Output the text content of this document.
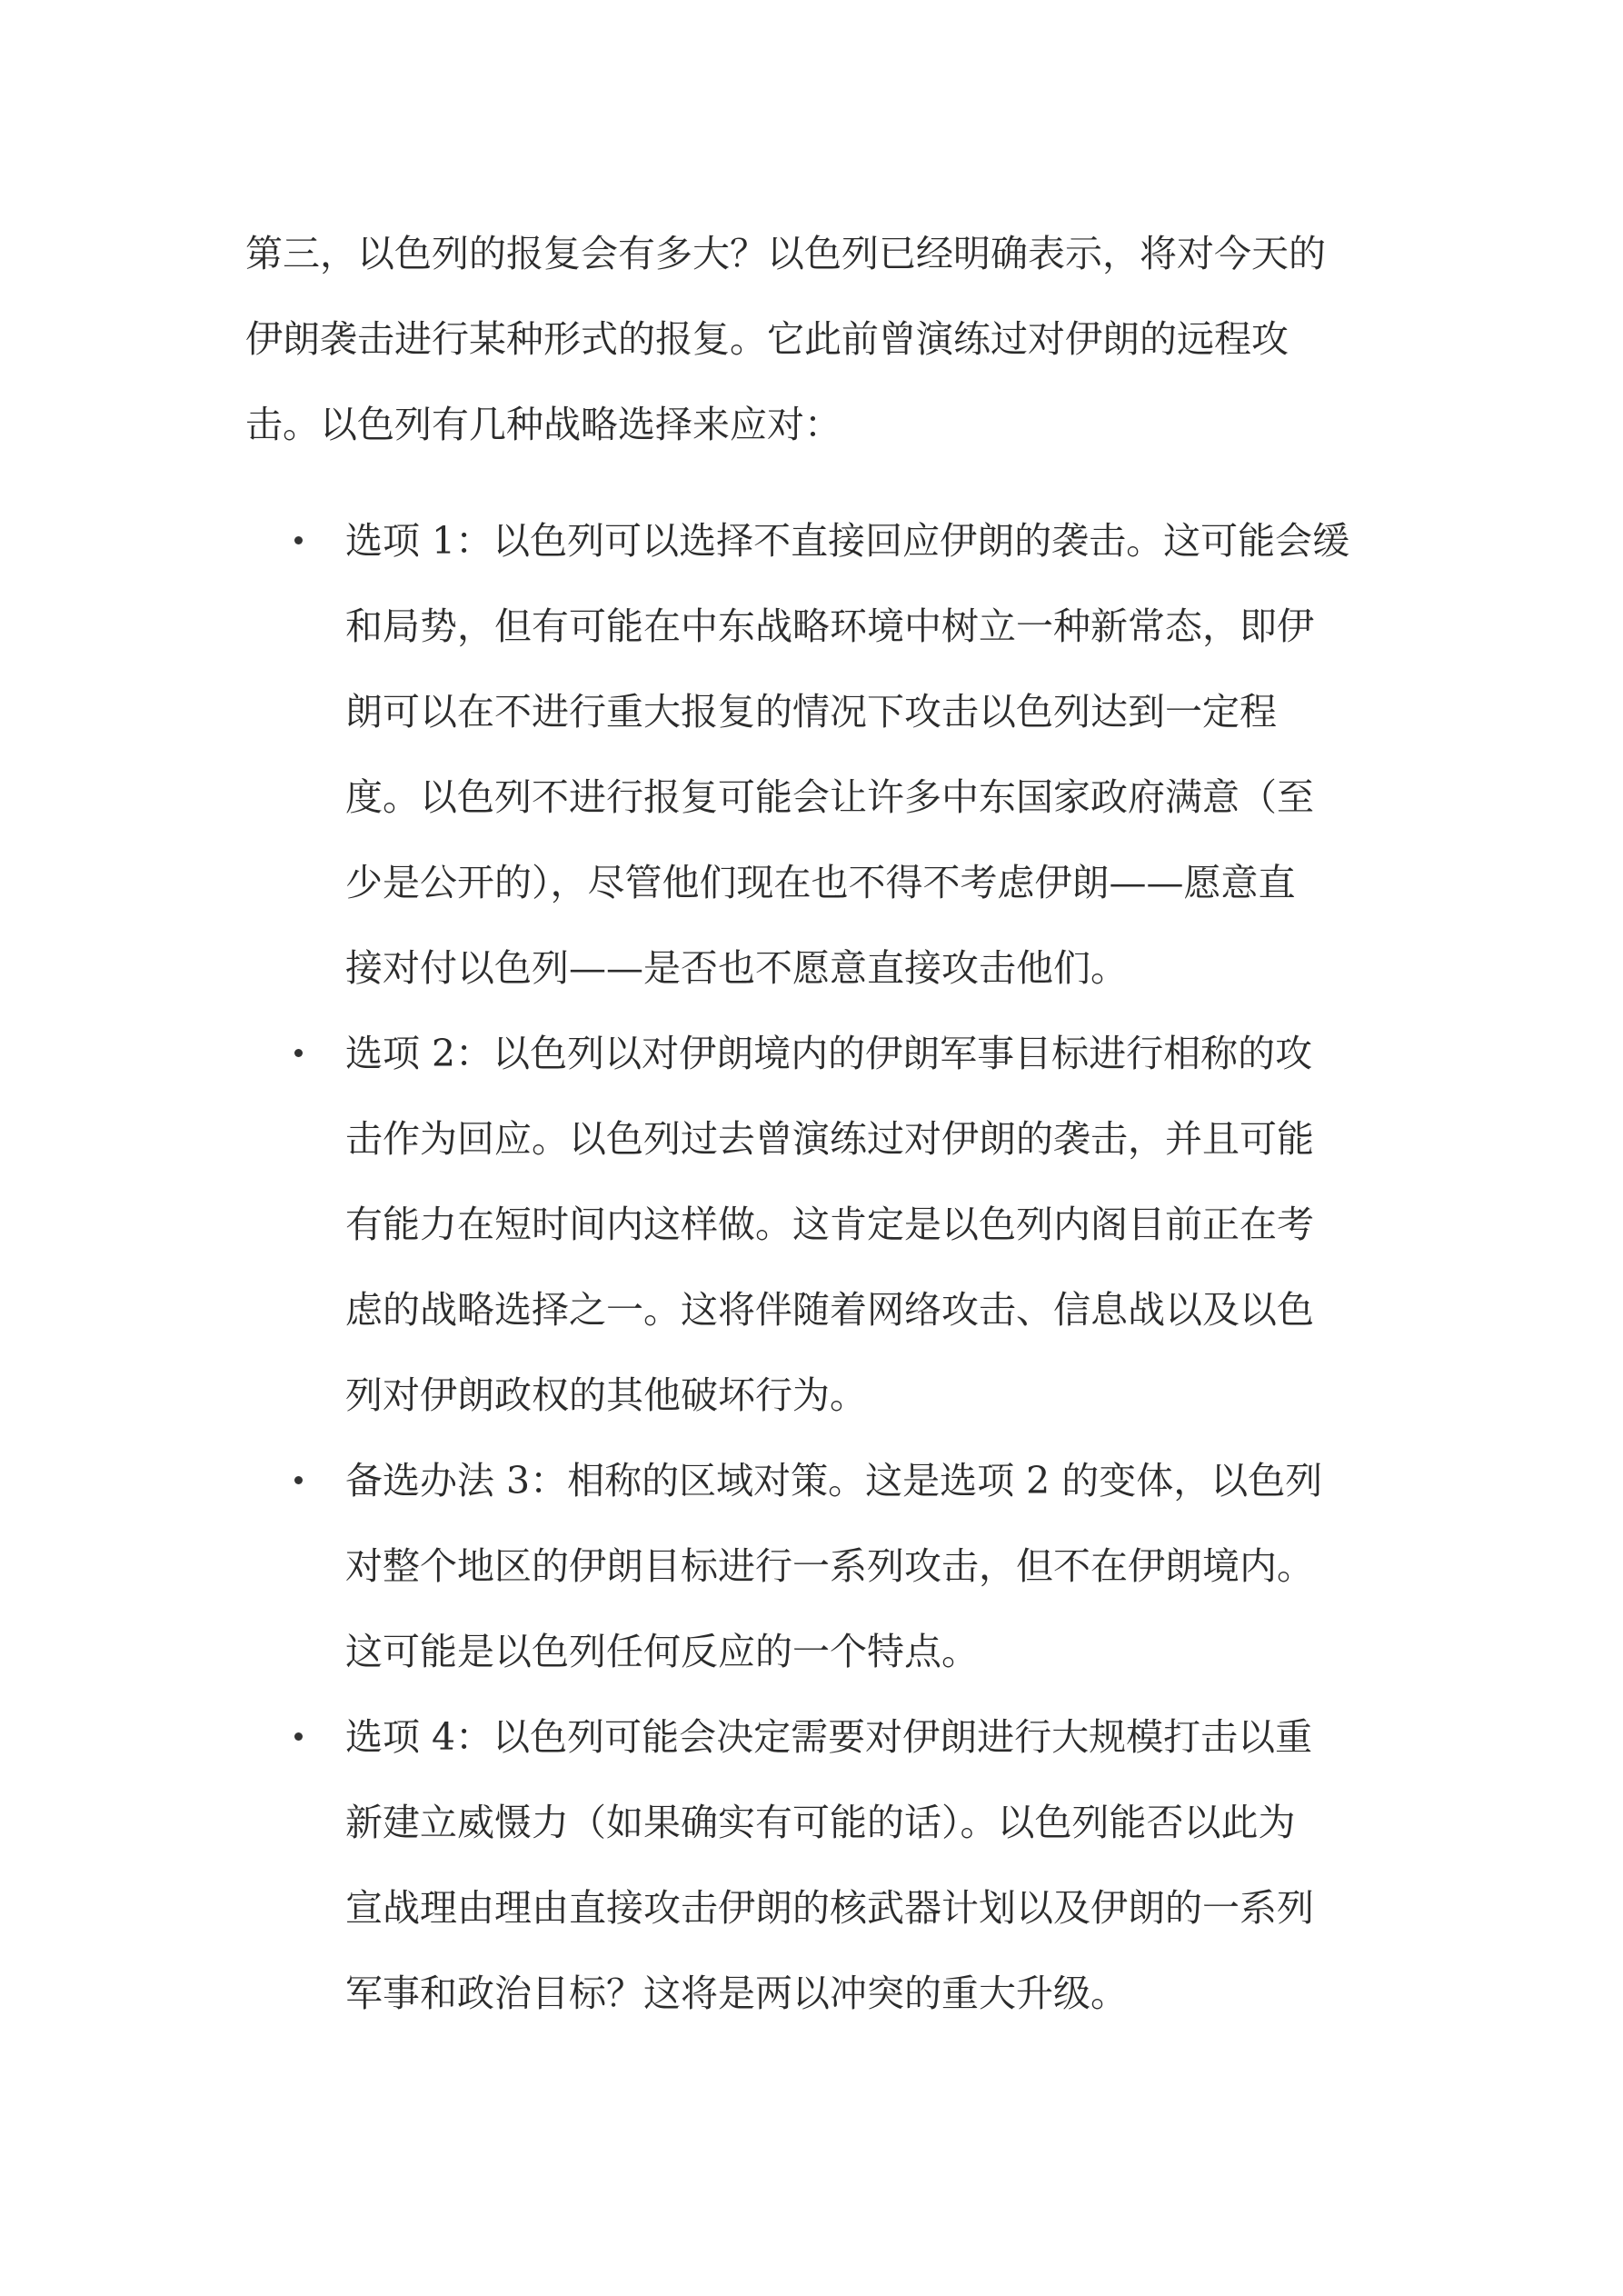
第三，以色列的报复会有多大？以色列已经明确表示，将对今天的
伊朗袭击进行某种形式的报复。它此前曾演练过对伊朗的远程攻
击。以色列有几种战略选择来应对：

选项 1：以色列可以选择不直接回应伊朗的袭击。这可能会缓
和局势，但有可能在中东战略环境中树立一种新常态，即伊
朗可以在不进行重大报复的情况下攻击以色列达到一定程
度。以色列不进行报复可能会让许多中东国家政府满意（至
少是公开的），尽管他们现在也不得不考虑伊朗——愿意直
接对付以色列——是否也不愿意直接攻击他们。
选项 2：以色列以对伊朗境内的伊朗军事目标进行相称的攻
击作为回应。以色列过去曾演练过对伊朗的袭击，并且可能
有能力在短时间内这样做。这肯定是以色列内阁目前正在考
虑的战略选择之一。这将伴随着网络攻击、信息战以及以色
列对伊朗政权的其他破坏行为。
备选办法 3：相称的区域对策。这是选项 2 的变体，以色列
对整个地区的伊朗目标进行一系列攻击，但不在伊朗境内。
这可能是以色列任何反应的一个特点。
选项 4：以色列可能会决定需要对伊朗进行大规模打击以重
新建立威慑力（如果确实有可能的话）。以色列能否以此为
宣战理由理由直接攻击伊朗的核武器计划以及伊朗的一系列
军事和政治目标？这将是两以冲突的重大升级。
